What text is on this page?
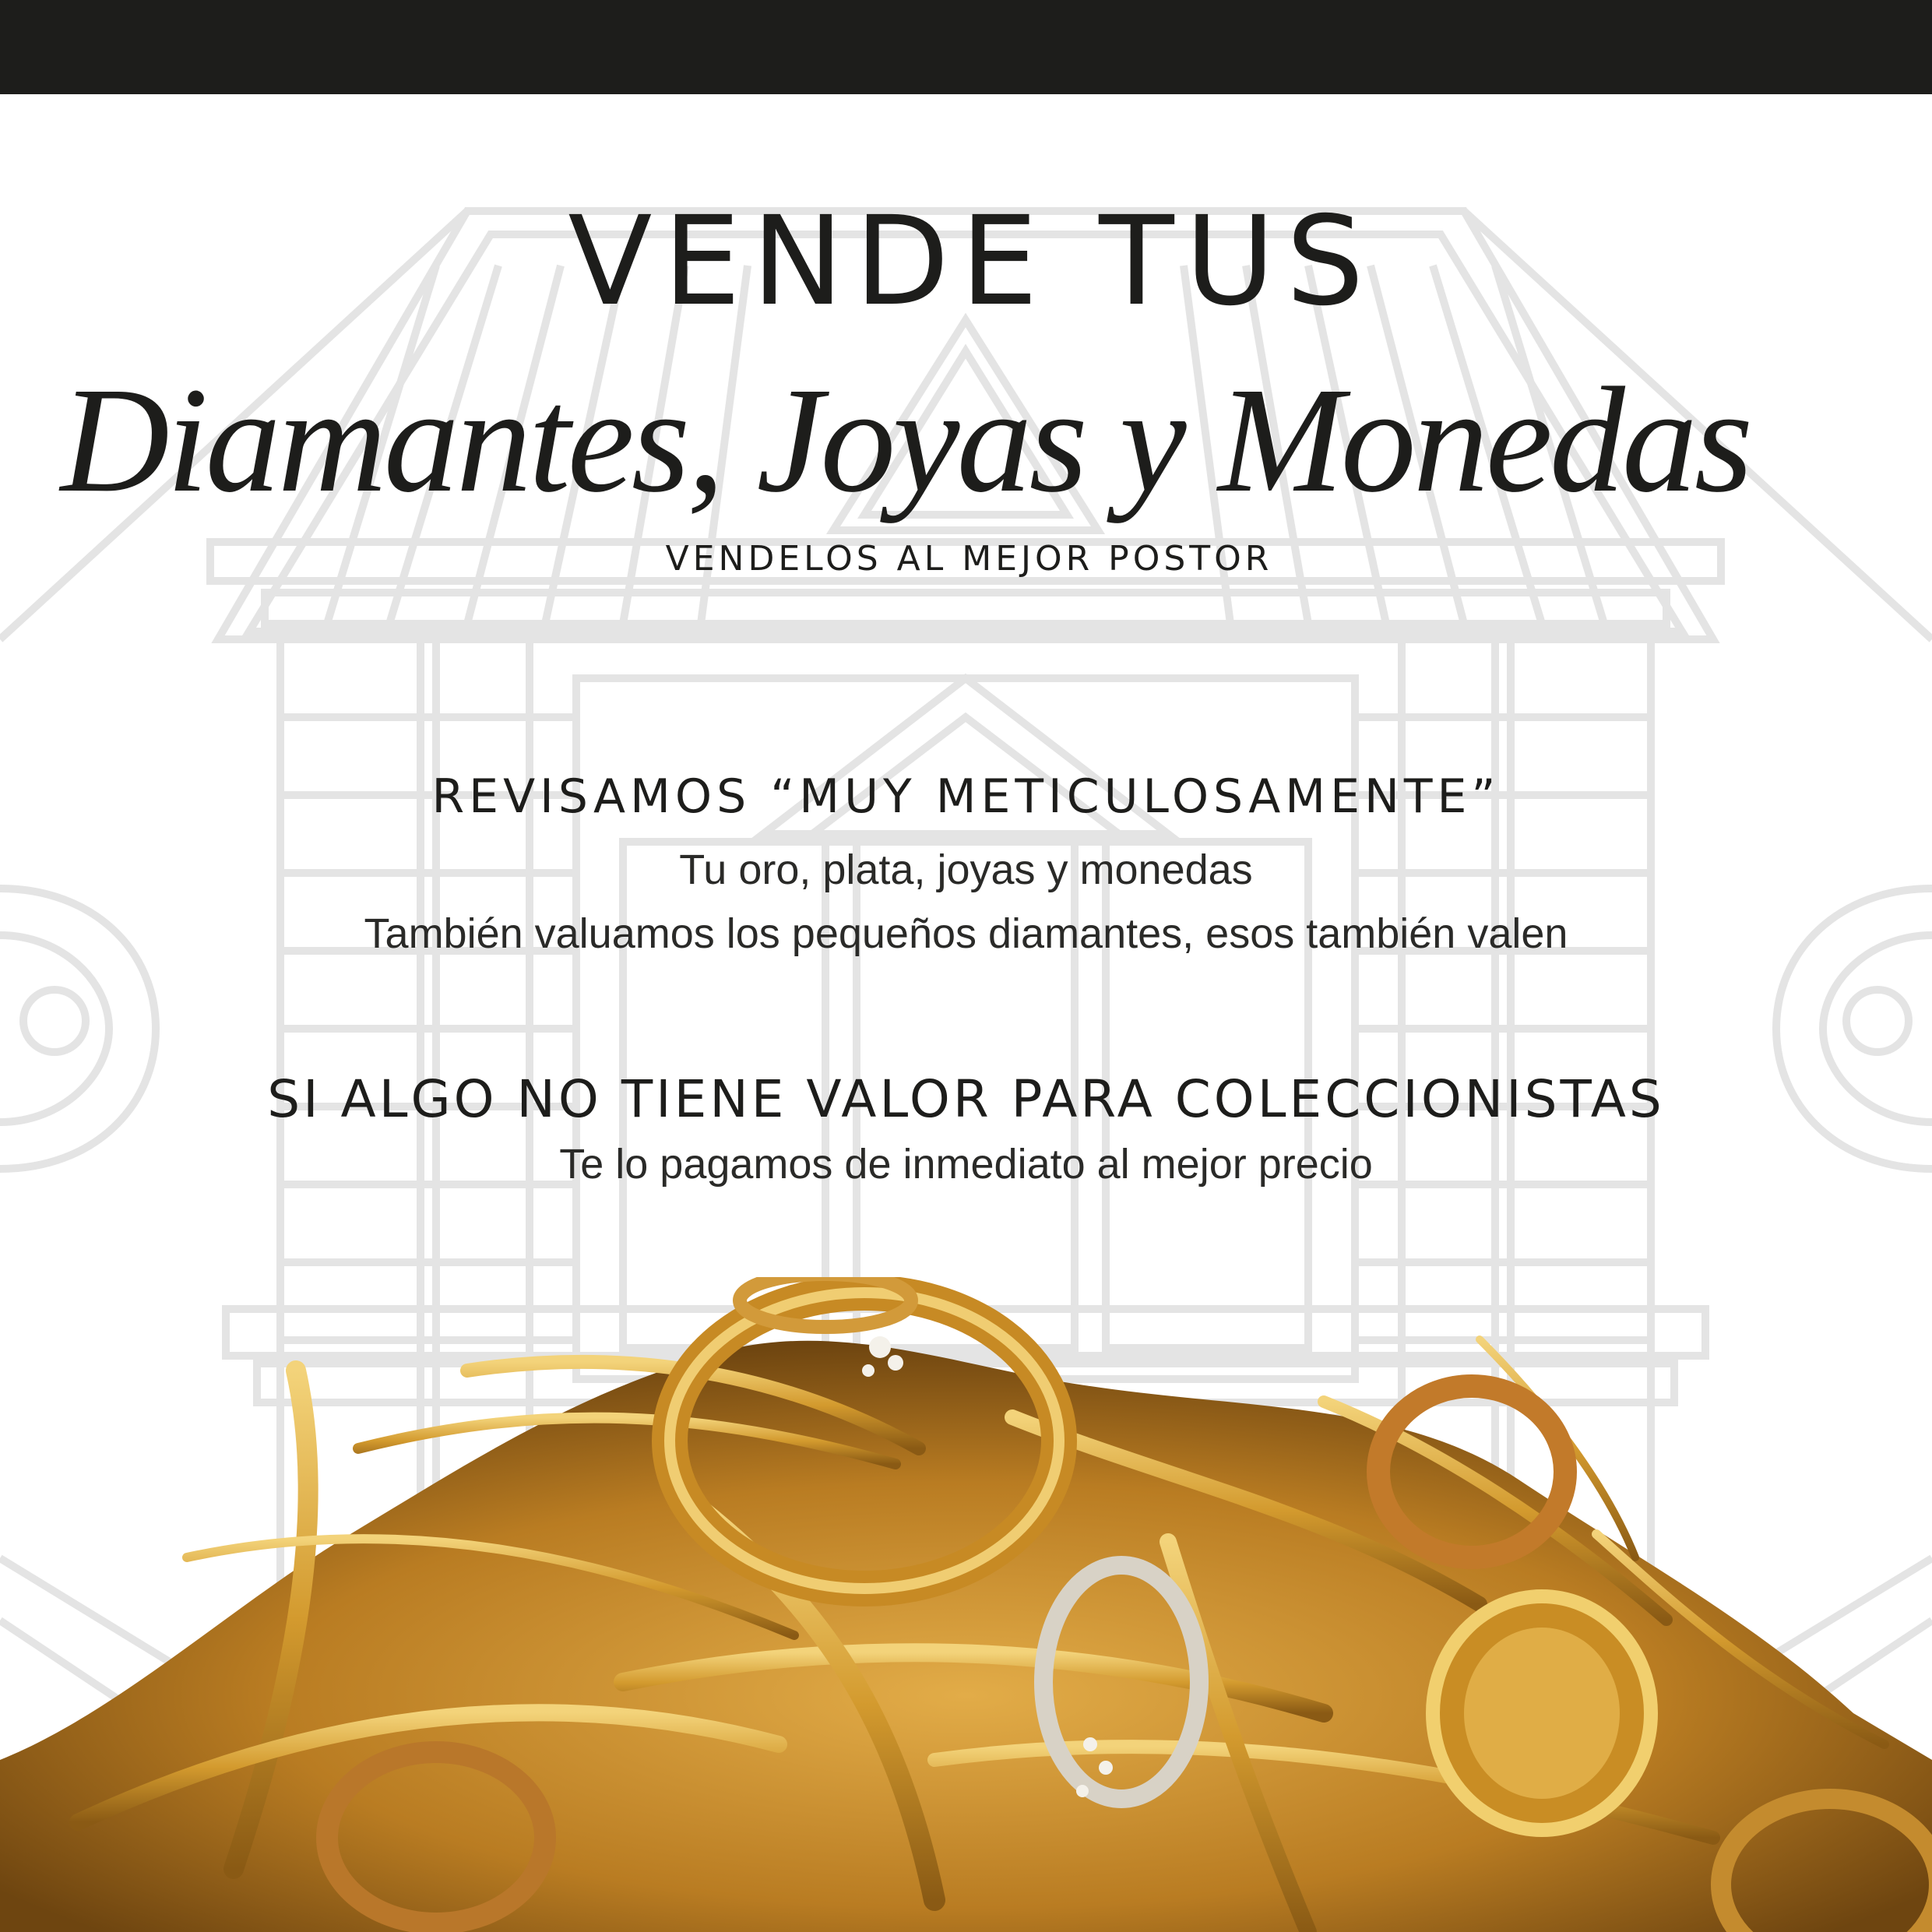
VENDE TUS
Diamantes, Joyas y Monedas
VENDELOS AL MEJOR POSTOR
REVISAMOS “MUY METICULOSAMENTE”
Tu oro, plata, joyas y monedas
También valuamos los pequeños diamantes, esos también valen
SI ALGO NO TIENE VALOR PARA COLECCIONISTAS
Te lo pagamos de inmediato al mejor precio
